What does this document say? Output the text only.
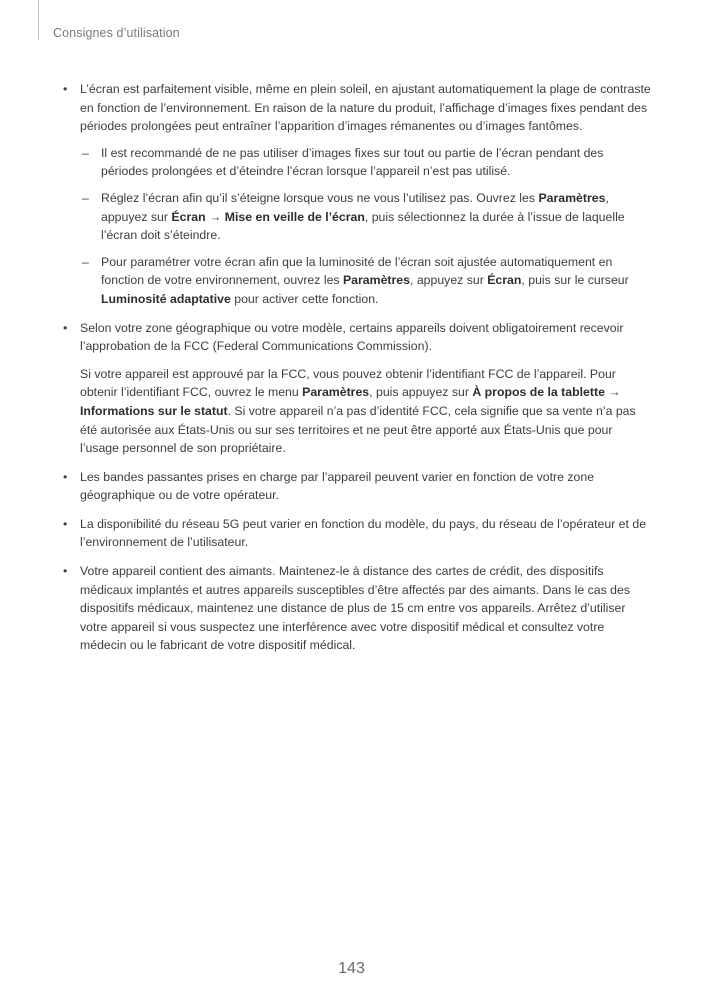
Consignes d’utilisation

• L’écran est parfaitement visible, même en plein soleil, en ajustant automatiquement la plage de contraste en fonction de l’environnement. En raison de la nature du produit, l’affichage d’images fixes pendant des périodes prolongées peut entraîner l’apparition d’images rémanentes ou d’images fantômes.

– Il est recommandé de ne pas utiliser d’images fixes sur tout ou partie de l’écran pendant des périodes prolongées et d’éteindre l’écran lorsque l’appareil n’est pas utilisé.
– Réglez l’écran afin qu’il s’éteigne lorsque vous ne vous l’utilisez pas. Ouvrez les Paramètres, appuyez sur Écran → Mise en veille de l’écran, puis sélectionnez la durée à l’issue de laquelle l’écran doit s’éteindre.
– Pour paramétrer votre écran afin que la luminosité de l’écran soit ajustée automatiquement en fonction de votre environnement, ouvrez les Paramètres, appuyez sur Écran, puis sur le curseur Luminosité adaptative pour activer cette fonction.

• Selon votre zone géographique ou votre modèle, certains appareils doivent obligatoirement recevoir l’approbation de la FCC (Federal Communications Commission).

Si votre appareil est approuvé par la FCC, vous pouvez obtenir l’identifiant FCC de l’appareil. Pour obtenir l’identifiant FCC, ouvrez le menu Paramètres, puis appuyez sur À propos de la tablette → Informations sur le statut. Si votre appareil n’a pas d’identité FCC, cela signifie que sa vente n’a pas été autorisée aux États-Unis ou sur ses territoires et ne peut être apporté aux États-Unis que pour l’usage personnel de son propriétaire.

• Les bandes passantes prises en charge par l’appareil peuvent varier en fonction de votre zone géographique ou de votre opérateur.

• La disponibilité du réseau 5G peut varier en fonction du modèle, du pays, du réseau de l’opérateur et de l’environnement de l’utilisateur.

• Votre appareil contient des aimants. Maintenez-le à distance des cartes de crédit, des dispositifs médicaux implantés et autres appareils susceptibles d’être affectés par des aimants. Dans le cas des dispositifs médicaux, maintenez une distance de plus de 15 cm entre vos appareils. Arrêtez d’utiliser votre appareil si vous suspectez une interférence avec votre dispositif médical et consultez votre médecin ou le fabricant de votre dispositif médical.

143
